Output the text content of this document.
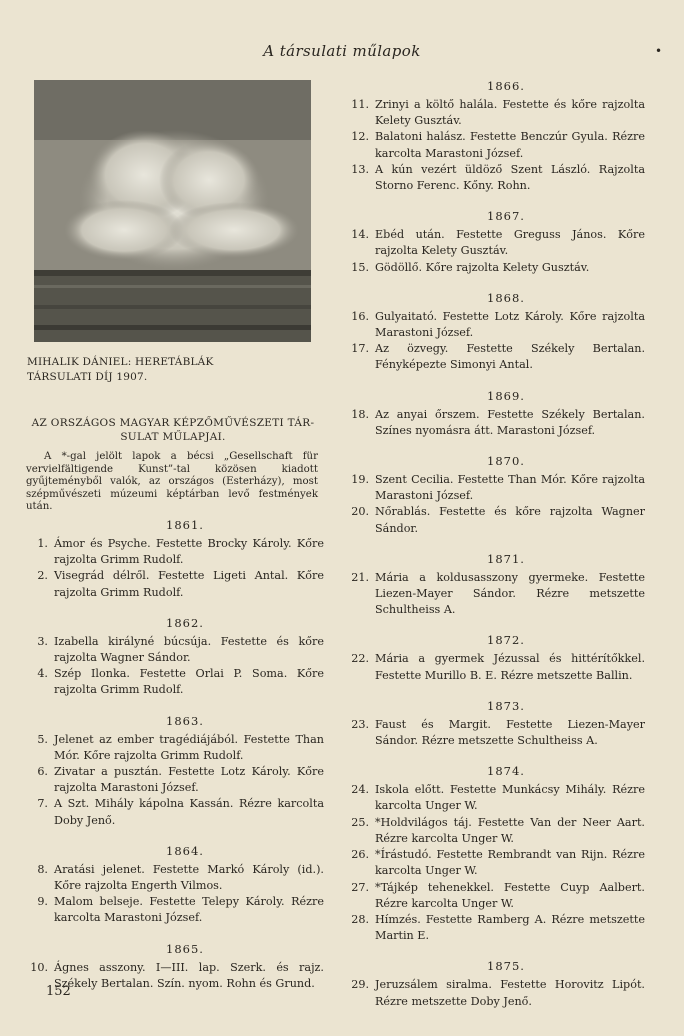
A társulati műlapok	•
MIHALIK DÁNIEL: HERETÁBLÁK
TÁRSULATI DÍJ 1907.
AZ ORSZÁGOS MAGYAR KÉPZŐMŰVÉSZETI TÁR-
SULAT MŰLAPJAI.
A *-gal jelölt lapok a bécsi „Gesellschaft für vervielfältigende Kunst”-tal közösen kiadott gyűjteményből valók, az országos (Esterházy), most szépművészeti múzeumi képtárban levő festmények után.
1861.
1. Ámor és Psyche. Festette Brocky Károly. Kőre rajzolta Grimm Rudolf.
2. Visegrád délről. Festette Ligeti Antal. Kőre rajzolta Grimm Rudolf.
1862.
3. Izabella királyné búcsúja. Festette és kőre rajzolta Wagner Sándor.
4. Szép Ilonka. Festette Orlai P. Soma. Kőre rajzolta Grimm Rudolf.
1863.
5. Jelenet az ember tragédiájából. Festette Than Mór. Kőre rajzolta Grimm Rudolf.
6. Zivatar a pusztán. Festette Lotz Károly. Kőre rajzolta Marastoni József.
7. A Szt. Mihály kápolna Kassán. Rézre karcolta Doby Jenő.
1864.
8. Aratási jelenet. Festette Markó Károly (id.). Kőre rajzolta Engerth Vilmos.
9. Malom belseje. Festette Telepy Károly. Rézre karcolta Marastoni József.
1865.
10. Ágnes asszony. I—III. lap. Szerk. és rajz. Székely Bertalan. Szín. nyom. Rohn és Grund.
1866.
11. Zrinyi a költő halála. Festette és kőre rajzolta Kelety Gusztáv.
12. Balatoni halász. Festette Benczúr Gyula. Rézre karcolta Marastoni József.
13. A kún vezért üldöző Szent László. Rajzolta Storno Ferenc. Kőny. Rohn.
1867.
14. Ebéd után. Festette Greguss János. Kőre rajzolta Kelety Gusztáv.
15. Gödöllő. Kőre rajzolta Kelety Gusztáv.
1868.
16. Gulyaitató. Festette Lotz Károly. Kőre rajzolta Marastoni József.
17. Az özvegy. Festette Székely Bertalan. Fényképezte Simonyi Antal.
1869.
18. Az anyai őrszem. Festette Székely Bertalan. Színes nyomásra átt. Marastoni József.
1870.
19. Szent Cecilia. Festette Than Mór. Kőre rajzolta Marastoni József.
20. Nőrablás. Festette és kőre rajzolta Wagner Sándor.
1871.
21. Mária a koldusasszony gyermeke. Festette Liezen-Mayer Sándor. Rézre metszette Schultheiss A.
1872.
22. Mária a gyermek Jézussal és hittérítőkkel. Festette Murillo B. E. Rézre metszette Ballin.
1873.
23. Faust és Margit. Festette Liezen-Mayer Sándor. Rézre metszette Schultheiss A.
1874.
24. Iskola előtt. Festette Munkácsy Mihály. Rézre karcolta Unger W.
25. *Holdvilágos táj. Festette Van der Neer Aart. Rézre karcolta Unger W.
26. *Írástudó. Festette Rembrandt van Rijn. Rézre karcolta Unger W.
27. *Tájkép tehenekkel. Festette Cuyp Aalbert. Rézre karcolta Unger W.
28. Hímzés. Festette Ramberg A. Rézre metszette Martin E.
1875.
29. Jeruzsálem siralma. Festette Horovitz Lipót. Rézre metszette Doby Jenő.
152
